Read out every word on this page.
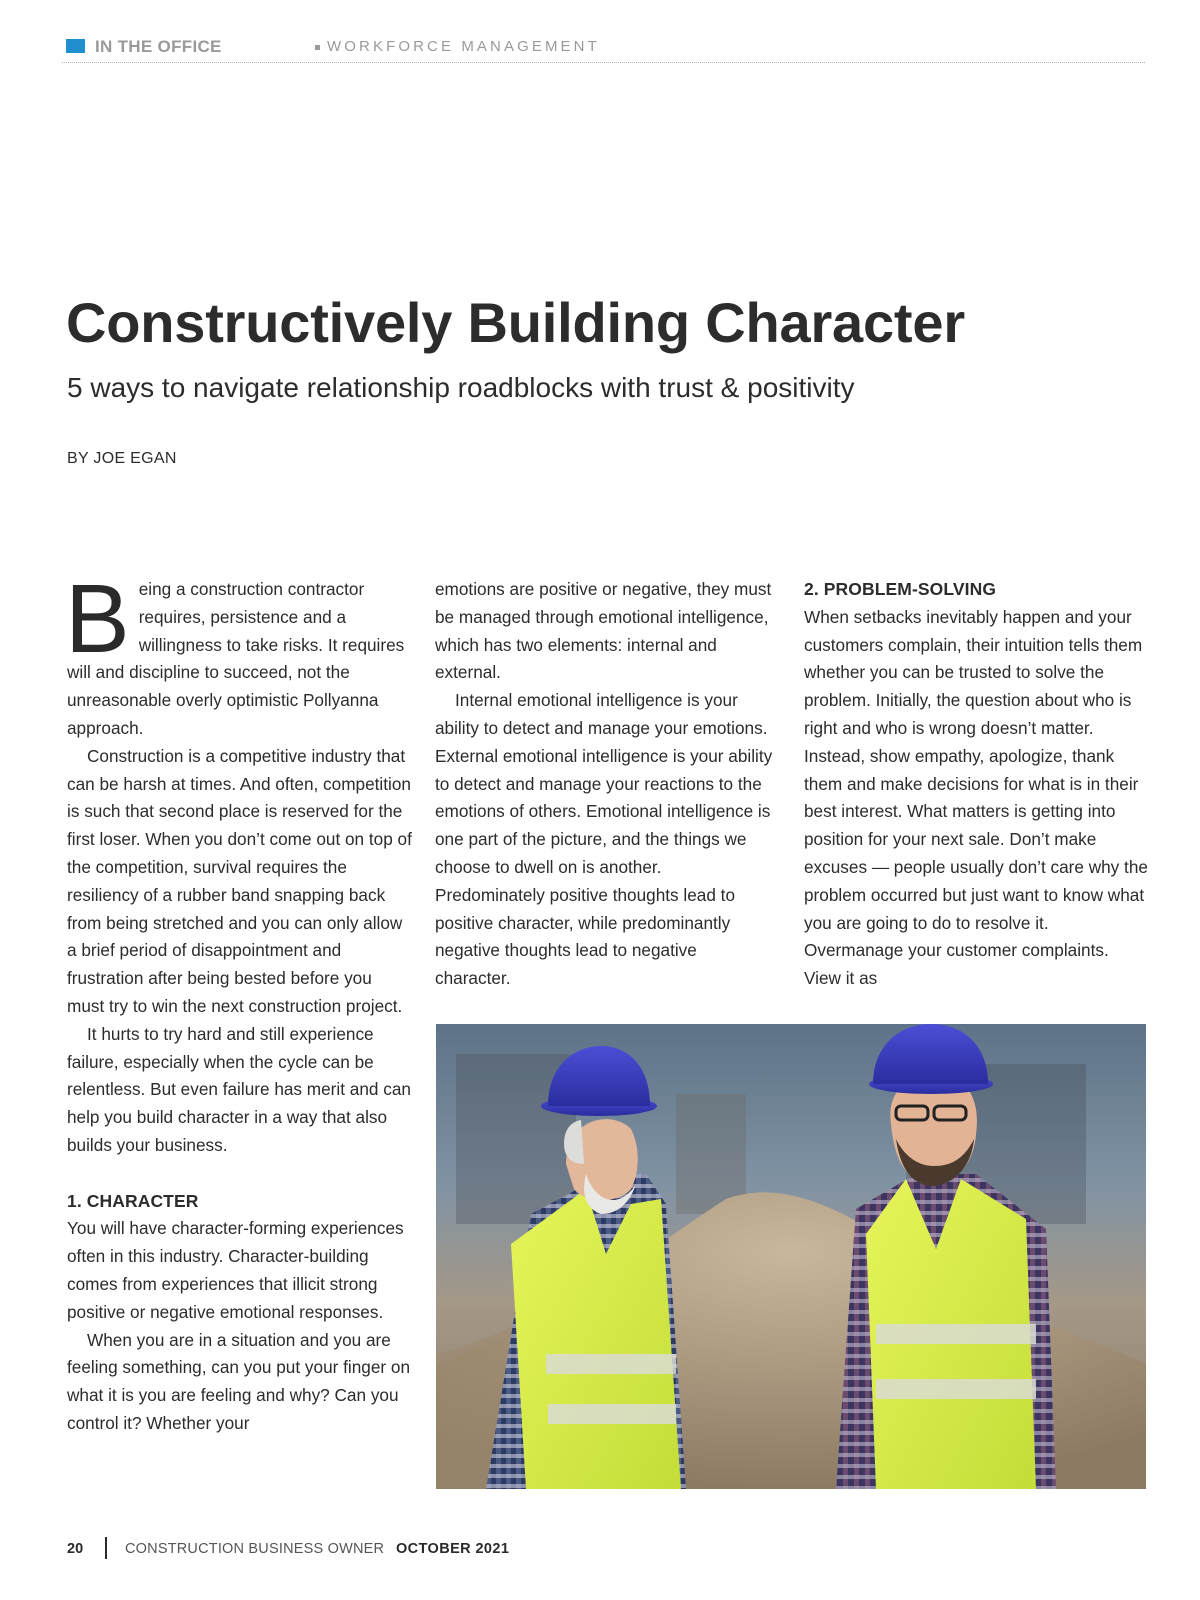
IN THE OFFICE	WORKFORCE MANAGEMENT
Constructively Building Character
5 ways to navigate relationship roadblocks with trust & positivity
BY JOE EGAN

Being a construction contractor requires, persistence and a willingness to take risks. It requires will and discipline to succeed, not the unreasonable overly optimistic Pollyanna approach.

Construction is a competitive industry that can be harsh at times. And often, competition is such that second place is reserved for the first loser. When you don’t come out on top of the competition, survival requires the resiliency of a rubber band snapping back from being stretched and you can only allow a brief period of disappointment and frustration after being bested before you must try to win the next construction project.

It hurts to try hard and still experience failure, especially when the cycle can be relentless. But even failure has merit and can help you build character in a way that also builds your business.

1. CHARACTER

You will have character-forming experiences often in this industry. Character-building comes from experiences that illicit strong positive or negative emotional responses.

When you are in a situation and you are feeling something, can you put your finger on what it is you are feeling and why? Can you control it? Whether your

emotions are positive or negative, they must be managed through emotional intelligence, which has two elements: internal and external.

Internal emotional intelligence is your ability to detect and manage your emotions. External emotional intelligence is your ability to detect and manage your reactions to the emotions of others. Emotional intelligence is one part of the picture, and the things we choose to dwell on is another. Predominately positive thoughts lead to positive character, while predominantly negative thoughts lead to negative character.

2. PROBLEM-SOLVING

When setbacks inevitably happen and your customers complain, their intuition tells them whether you can be trusted to solve the problem. Initially, the question about who is right and who is wrong doesn’t matter. Instead, show empathy, apologize, thank them and make decisions for what is in their best interest. What matters is getting into position for your next sale. Don’t make excuses — people usually don’t care why the problem occurred but just want to know what you are going to do to resolve it. Overmanage your customer complaints. View it as

20	CONSTRUCTION BUSINESS OWNER OCTOBER 2021
